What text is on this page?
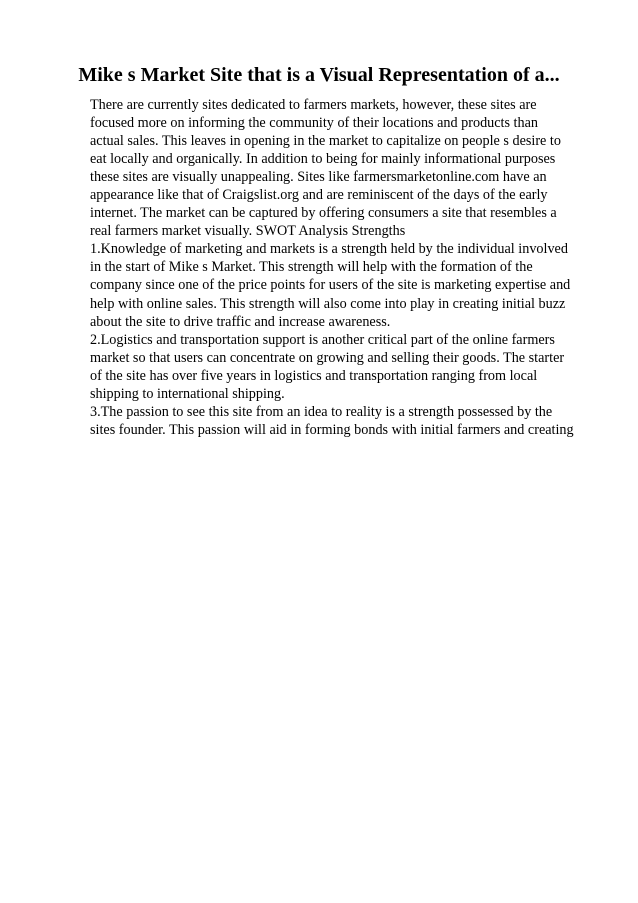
Mike s Market Site that is a Visual Representation of a...
There are currently sites dedicated to farmers markets, however, these sites are
focused more on informing the community of their locations and products than
actual sales. This leaves in opening in the market to capitalize on people s desire to
eat locally and organically. In addition to being for mainly informational purposes
these sites are visually unappealing. Sites like farmersmarketonline.com have an
appearance like that of Craigslist.org and are reminiscent of the days of the early
internet. The market can be captured by offering consumers a site that resembles a
real farmers market visually. SWOT Analysis Strengths
1.Knowledge of marketing and markets is a strength held by the individual involved
in the start of Mike s Market. This strength will help with the formation of the
company since one of the price points for users of the site is marketing expertise and
help with online sales. This strength will also come into play in creating initial buzz
about the site to drive traffic and increase awareness.
2.Logistics and transportation support is another critical part of the online farmers
market so that users can concentrate on growing and selling their goods. The starter
of the site has over five years in logistics and transportation ranging from local
shipping to international shipping.
3.The passion to see this site from an idea to reality is a strength possessed by the
sites founder. This passion will aid in forming bonds with initial farmers and creating
